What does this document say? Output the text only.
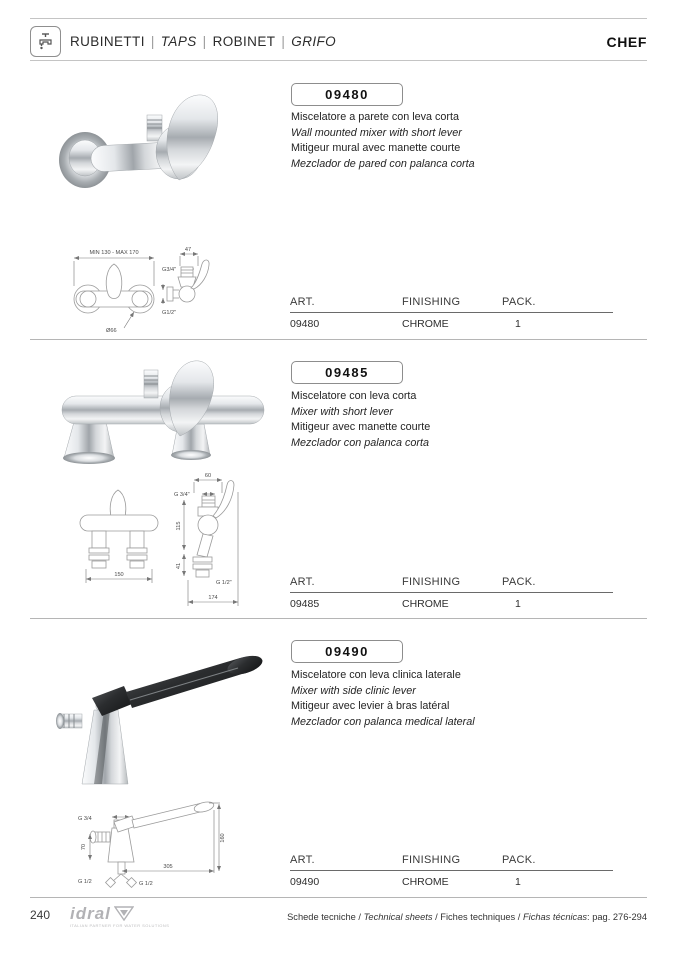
RUBINETTI | TAPS | ROBINET | GRIFO	CHEF
09480
Miscelatore a parete con leva corta
Wall mounted mixer with short lever
Mitigeur mural avec manette courte
Mezclador de pared con palanca corta
MIN 130 - MAX 170
Ø66
47
G3/4"
G1/2"
ART.	FINISHING	PACK.
09480	CHROME	1
09485
Miscelatore con leva corta
Mixer with short lever
Mitigeur avec manette courte
Mezclador con palanca corta
150
60
G 3/4"
115
41
G 1/2"
174
ART.	FINISHING	PACK.
09485	CHROME	1
09490
Miscelatore con leva clinica laterale
Mixer with side clinic lever
Mitigeur avec levier à bras latéral
Mezclador con palanca medical lateral
G 3/4
70
305
160
G 1/2	G 1/2
ART.	FINISHING	PACK.
09490	CHROME	1
240 idral
ITALIAN PARTNER FOR WATER SOLUTIONS
Schede tecniche / Technical sheets / Fiches techniques / Fichas técnicas: pag. 276-294
